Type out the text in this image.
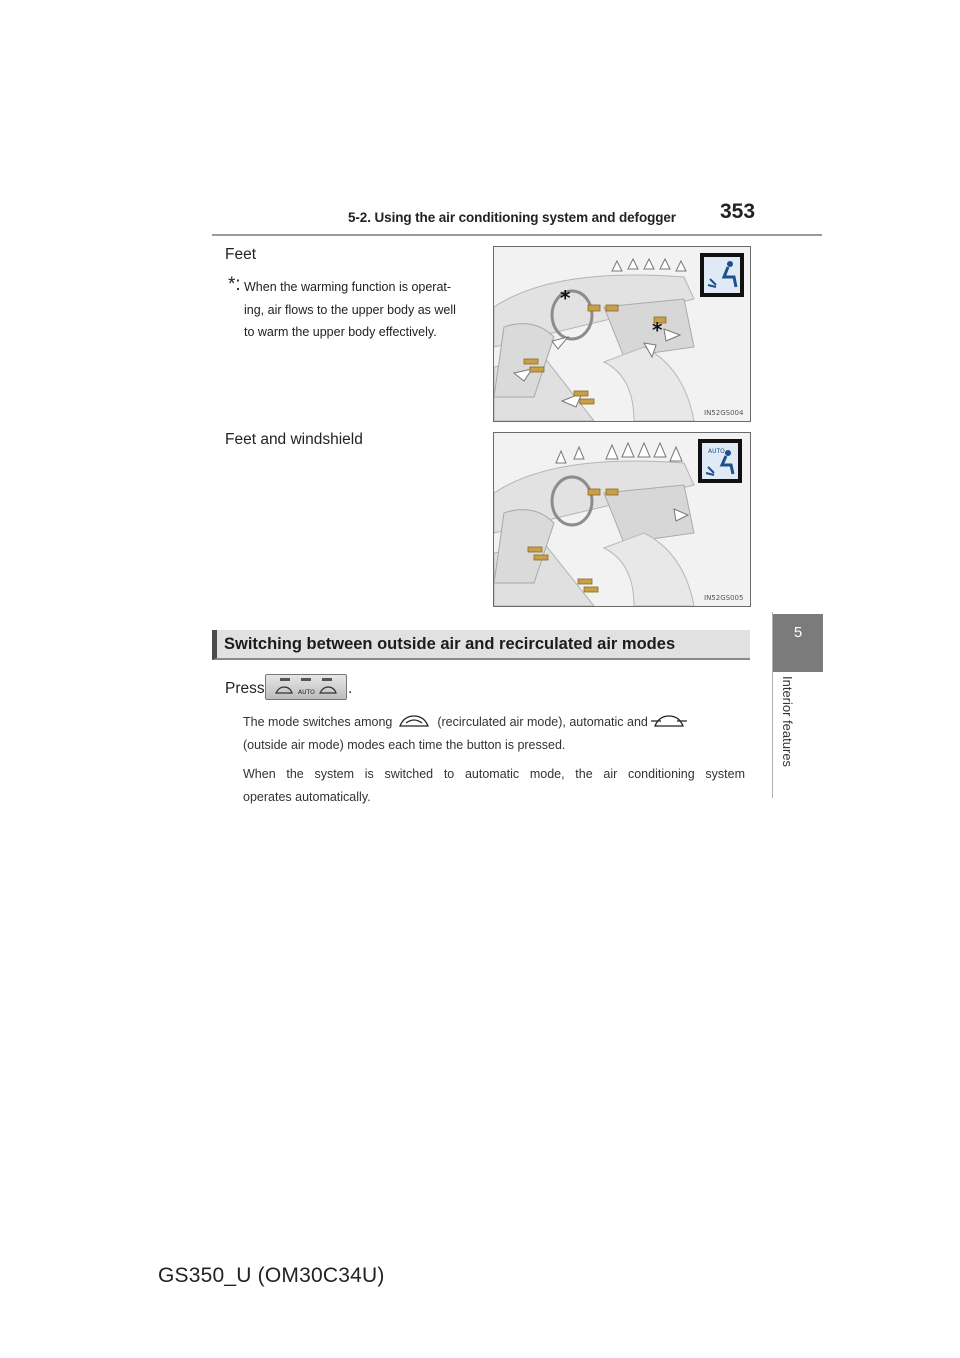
5-2. Using the air conditioning system and defogger 353
5
Interior features
Feet
*: When the warming function is operat-ing, air flows to the upper body as well to warm the upper body effectively.
*
*
IN52GS004
Feet and windshield
AUTO
IN52GS005
Switching between outside air and recirculated air modes
Press	AUTO .
The mode switches among	(recirculated air mode), automatic and
(outside air mode) modes each time the button is pressed.
When the system is switched to automatic mode, the air conditioning system
operates automatically.
GS350_U (OM30C34U)
